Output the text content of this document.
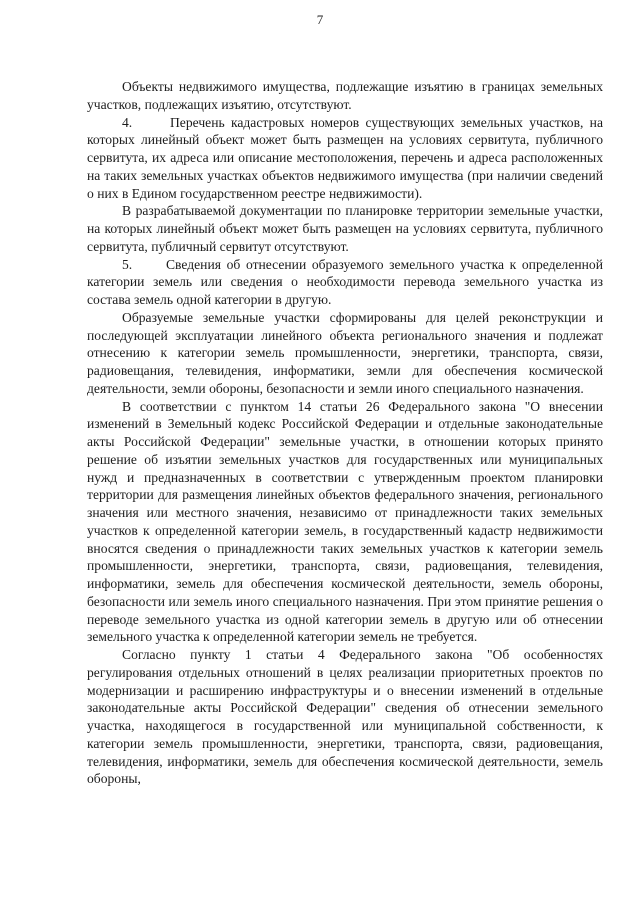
7

Объекты недвижимого имущества, подлежащие изъятию в границах земельных участков, подлежащих изъятию, отсутствуют.

4.      Перечень кадастровых номеров существующих земельных участков, на которых линейный объект может быть размещен на условиях сервитута, публичного сервитута, их адреса или описание местоположения, перечень и адреса расположенных на таких земельных участках объектов недвижимого имущества (при наличии сведений о них в Едином государственном реестре недвижимости).

В разрабатываемой документации по планировке территории земельные участки, на которых линейный объект может быть размещен на условиях сервитута, публичного сервитута, публичный сервитут отсутствуют.

5.      Сведения об отнесении образуемого земельного участка к определенной категории земель или сведения о необходимости перевода земельного участка из состава земель одной категории в другую.

Образуемые земельные участки сформированы для целей реконструкции и последующей эксплуатации линейного объекта регионального значения и подлежат отнесению к категории земель промышленности, энергетики, транспорта, связи, радиовещания, телевидения, информатики, земли для обеспечения космической деятельности, земли обороны, безопасности и земли иного специального назначения.

В соответствии с пунктом 14 статьи 26 Федерального закона "О внесении изменений в Земельный кодекс Российской Федерации и отдельные законодательные акты Российской Федерации" земельные участки, в отношении которых принято решение об изъятии земельных участков для государственных или муниципальных нужд и предназначенных в соответствии с утвержденным проектом планировки территории для размещения линейных объектов федерального значения, регионального значения или местного значения, независимо от принадлежности таких земельных участков к определенной категории земель, в государственный кадастр недвижимости вносятся сведения о принадлежности таких земельных участков к категории земель промышленности, энергетики, транспорта, связи, радиовещания, телевидения, информатики, земель для обеспечения космической деятельности, земель обороны, безопасности или земель иного специального назначения. При этом принятие решения о переводе земельного участка из одной категории земель в другую или об отнесении земельного участка к определенной категории земель не требуется.

Согласно пункту 1 статьи 4 Федерального закона "Об особенностях регулирования отдельных отношений в целях реализации приоритетных проектов по модернизации и расширению инфраструктуры и о внесении изменений в отдельные законодательные акты Российской Федерации" сведения об отнесении земельного участка, находящегося в государственной или муниципальной собственности, к категории земель промышленности, энергетики, транспорта, связи, радиовещания, телевидения, информатики, земель для обеспечения космической деятельности, земель обороны,
